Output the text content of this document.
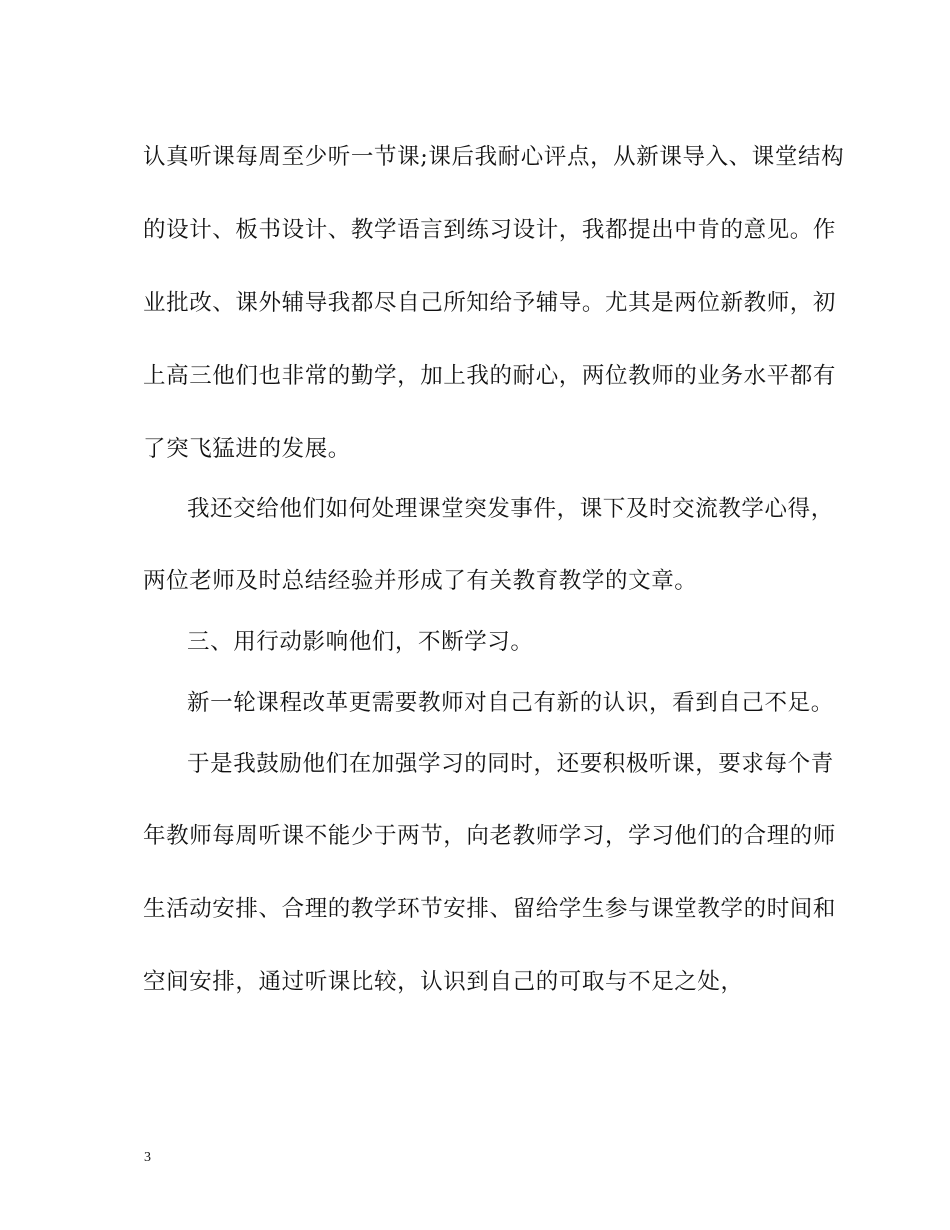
认真听课每周至少听一节课;课后我耐心评点，从新课导入、课堂结构
的设计、板书设计、教学语言到练习设计，我都提出中肯的意见。作
业批改、课外辅导我都尽自己所知给予辅导。尤其是两位新教师，初
上高三他们也非常的勤学，加上我的耐心，两位教师的业务水平都有
了突飞猛进的发展。
我还交给他们如何处理课堂突发事件，课下及时交流教学心得，
两位老师及时总结经验并形成了有关教育教学的文章。
三、用行动影响他们，不断学习。
新一轮课程改革更需要教师对自己有新的认识，看到自己不足。
于是我鼓励他们在加强学习的同时，还要积极听课，要求每个青
年教师每周听课不能少于两节，向老教师学习，学习他们的合理的师
生活动安排、合理的教学环节安排、留给学生参与课堂教学的时间和
空间安排，通过听课比较，认识到自己的可取与不足之处，
3
